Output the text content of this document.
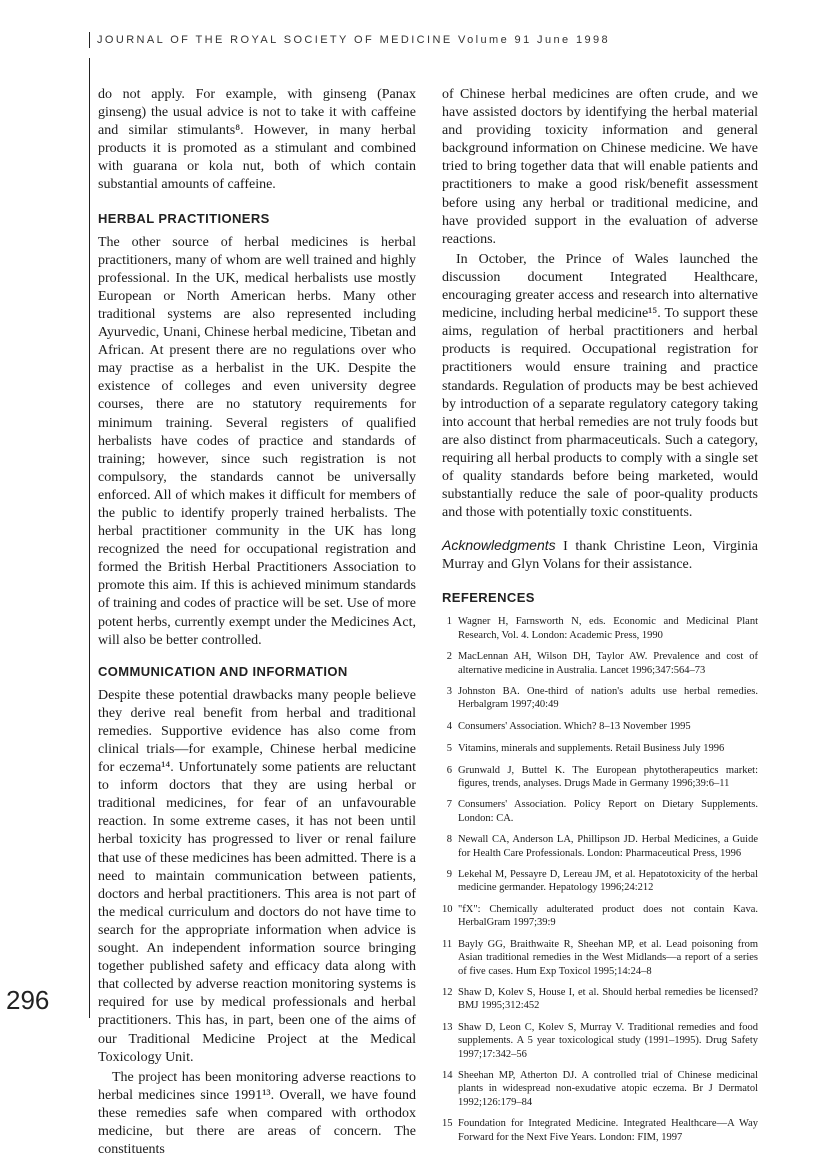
JOURNAL OF THE ROYAL SOCIETY OF MEDICINE Volume 91 June 1998
296

do not apply. For example, with ginseng (Panax ginseng) the usual advice is not to take it with caffeine and similar stimulants⁸. However, in many herbal products it is promoted as a stimulant and combined with guarana or kola nut, both of which contain substantial amounts of caffeine.

HERBAL PRACTITIONERS

The other source of herbal medicines is herbal practitioners, many of whom are well trained and highly professional. In the UK, medical herbalists use mostly European or North American herbs. Many other traditional systems are also represented including Ayurvedic, Unani, Chinese herbal medicine, Tibetan and African. At present there are no regulations over who may practise as a herbalist in the UK. Despite the existence of colleges and even university degree courses, there are no statutory requirements for minimum training. Several registers of qualified herbalists have codes of practice and standards of training; however, since such registration is not compulsory, the standards cannot be universally enforced. All of which makes it difficult for members of the public to identify properly trained herbalists. The herbal practitioner community in the UK has long recognized the need for occupational registration and formed the British Herbal Practitioners Association to promote this aim. If this is achieved minimum standards of training and codes of practice will be set. Use of more potent herbs, currently exempt under the Medicines Act, will also be better controlled.

COMMUNICATION AND INFORMATION

Despite these potential drawbacks many people believe they derive real benefit from herbal and traditional remedies. Supportive evidence has also come from clinical trials—for example, Chinese herbal medicine for eczema¹⁴. Unfortunately some patients are reluctant to inform doctors that they are using herbal or traditional medicines, for fear of an unfavourable reaction. In some extreme cases, it has not been until herbal toxicity has progressed to liver or renal failure that use of these medicines has been admitted. There is a need to maintain communication between patients, doctors and herbal practitioners. This area is not part of the medical curriculum and doctors do not have time to search for the appropriate information when advice is sought. An independent information source bringing together published safety and efficacy data along with that collected by adverse reaction monitoring systems is required for use by medical professionals and herbal practitioners. This has, in part, been one of the aims of our Traditional Medicine Project at the Medical Toxicology Unit.

The project has been monitoring adverse reactions to herbal medicines since 1991¹³. Overall, we have found these remedies safe when compared with orthodox medicine, but there are areas of concern. The constituents

of Chinese herbal medicines are often crude, and we have assisted doctors by identifying the herbal material and providing toxicity information and general background information on Chinese medicine. We have tried to bring together data that will enable patients and practitioners to make a good risk/benefit assessment before using any herbal or traditional medicine, and have provided support in the evaluation of adverse reactions.

In October, the Prince of Wales launched the discussion document Integrated Healthcare, encouraging greater access and research into alternative medicine, including herbal medicine¹⁵. To support these aims, regulation of herbal practitioners and herbal products is required. Occupational registration for practitioners would ensure training and practice standards. Regulation of products may be best achieved by introduction of a separate regulatory category taking into account that herbal remedies are not truly foods but are also distinct from pharmaceuticals. Such a category, requiring all herbal products to comply with a single set of quality standards before being marketed, would substantially reduce the sale of poor-quality products and those with potentially toxic constituents.

Acknowledgments I thank Christine Leon, Virginia Murray and Glyn Volans for their assistance.

REFERENCES
1 Wagner H, Farnsworth N, eds. Economic and Medicinal Plant Research, Vol. 4. London: Academic Press, 1990
2 MacLennan AH, Wilson DH, Taylor AW. Prevalence and cost of alternative medicine in Australia. Lancet 1996;347:564–73
3 Johnston BA. One-third of nation's adults use herbal remedies. Herbalgram 1997;40:49
4 Consumers' Association. Which? 8–13 November 1995
5 Vitamins, minerals and supplements. Retail Business July 1996
6 Grunwald J, Buttel K. The European phytotherapeutics market: figures, trends, analyses. Drugs Made in Germany 1996;39:6–11
7 Consumers' Association. Policy Report on Dietary Supplements. London: CA.
8 Newall CA, Anderson LA, Phillipson JD. Herbal Medicines, a Guide for Health Care Professionals. London: Pharmaceutical Press, 1996
9 Lekehal M, Pessayre D, Lereau JM, et al. Hepatotoxicity of the herbal medicine germander. Hepatology 1996;24:212
10 "fX": Chemically adulterated product does not contain Kava. HerbalGram 1997;39:9
11 Bayly GG, Braithwaite R, Sheehan MP, et al. Lead poisoning from Asian traditional remedies in the West Midlands—a report of a series of five cases. Hum Exp Toxicol 1995;14:24–8
12 Shaw D, Kolev S, House I, et al. Should herbal remedies be licensed? BMJ 1995;312:452
13 Shaw D, Leon C, Kolev S, Murray V. Traditional remedies and food supplements. A 5 year toxicological study (1991–1995). Drug Safety 1997;17:342–56
14 Sheehan MP, Atherton DJ. A controlled trial of Chinese medicinal plants in widespread non-exudative atopic eczema. Br J Dermatol 1992;126:179–84
15 Foundation for Integrated Medicine. Integrated Healthcare—A Way Forward for the Next Five Years. London: FIM, 1997
